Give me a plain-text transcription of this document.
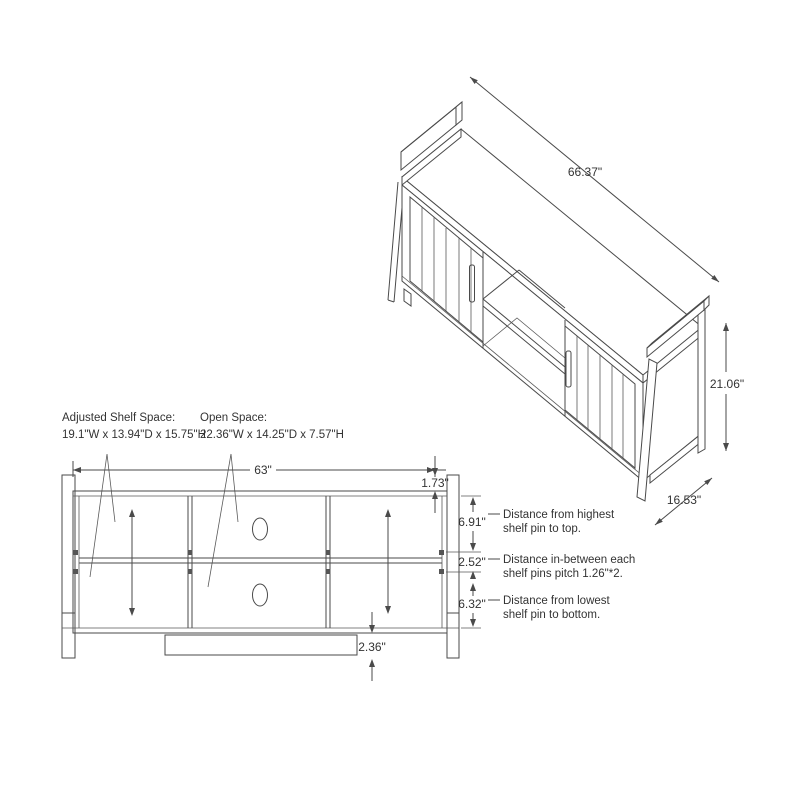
66.37"
21.06"
16.53"
Adjusted Shelf Space:
19.1"W x 13.94"D x 15.75"H
Open Space:
22.36"W x 14.25"D x 7.57"H
63"
1.73"
6.91"
2.52"
6.32"
2.36"
Distance from highest
shelf pin to top.
Distance in-between each
shelf pins pitch 1.26"*2.
Distance from lowest
shelf pin to bottom.
